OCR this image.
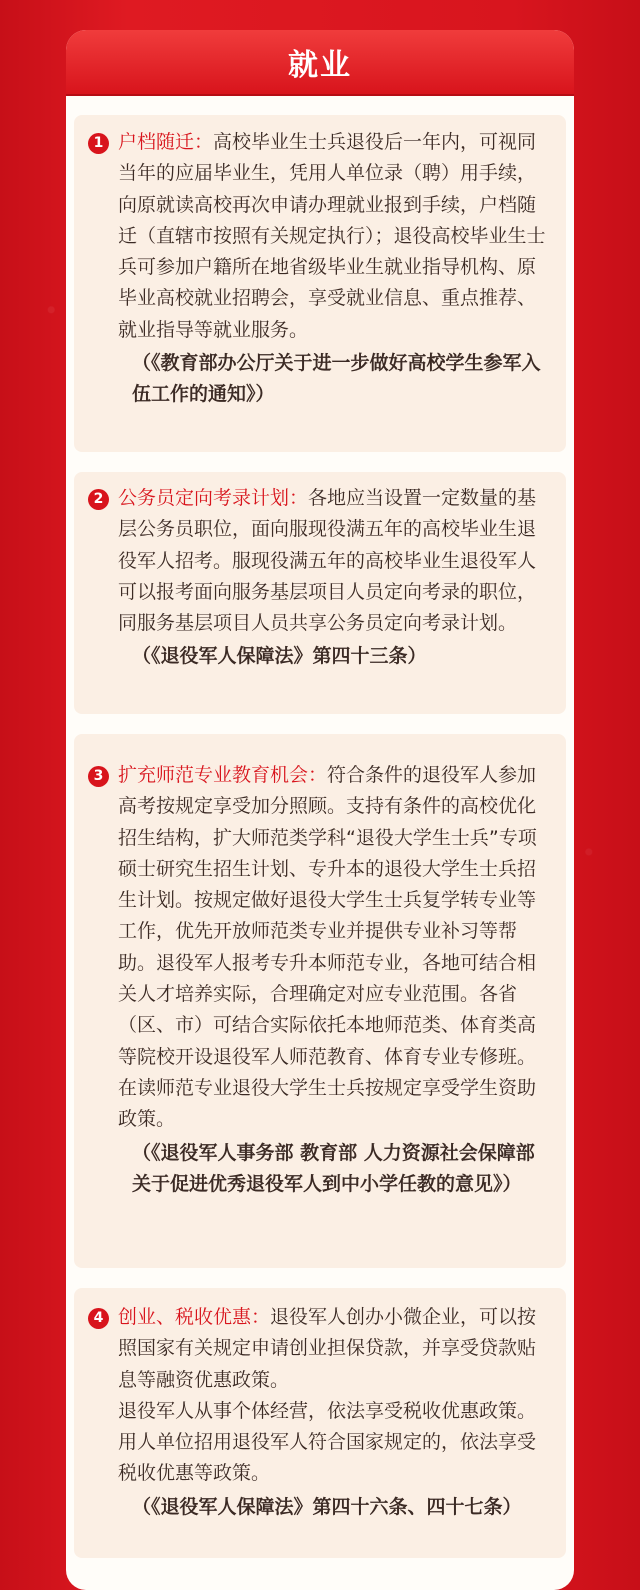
就业

1 户档随迁：高校毕业生士兵退役后一年内，可视同当年的应届毕业生，凭用人单位录（聘）用手续，向原就读高校再次申请办理就业报到手续，户档随迁（直辖市按照有关规定执行）；退役高校毕业生士兵可参加户籍所在地省级毕业生就业指导机构、原毕业高校就业招聘会，享受就业信息、重点推荐、就业指导等就业服务。

（《教育部办公厅关于进一步做好高校学生参军入伍工作的通知》）

2 公务员定向考录计划：各地应当设置一定数量的基层公务员职位，面向服现役满五年的高校毕业生退役军人招考。服现役满五年的高校毕业生退役军人可以报考面向服务基层项目人员定向考录的职位，同服务基层项目人员共享公务员定向考录计划。

（《退役军人保障法》第四十三条）

3 扩充师范专业教育机会：符合条件的退役军人参加高考按规定享受加分照顾。支持有条件的高校优化招生结构，扩大师范类学科“退役大学生士兵”专项硕士研究生招生计划、专升本的退役大学生士兵招生计划。按规定做好退役大学生士兵复学转专业等工作，优先开放师范类专业并提供专业补习等帮助。退役军人报考专升本师范专业，各地可结合相关人才培养实际，合理确定对应专业范围。各省（区、市）可结合实际依托本地师范类、体育类高等院校开设退役军人师范教育、体育专业专修班。在读师范专业退役大学生士兵按规定享受学生资助政策。

（《退役军人事务部 教育部 人力资源社会保障部 关于促进优秀退役军人到中小学任教的意见》）

4 创业、税收优惠：退役军人创办小微企业，可以按照国家有关规定申请创业担保贷款，并享受贷款贴息等融资优惠政策。

退役军人从事个体经营，依法享受税收优惠政策。用人单位招用退役军人符合国家规定的，依法享受税收优惠等政策。

（《退役军人保障法》第四十六条、四十七条）
